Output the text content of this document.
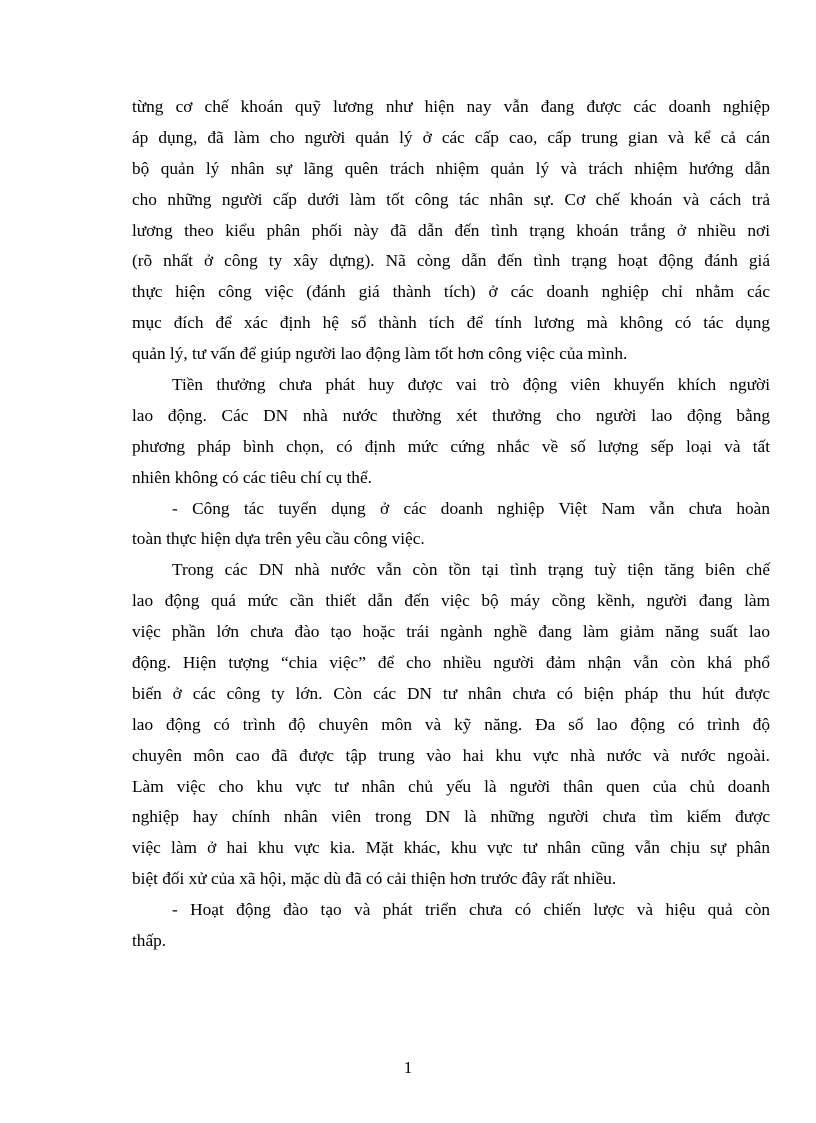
từng cơ chế khoán quỹ lương như hiện nay vẫn đang được các doanh nghiệp
áp dụng, đã làm cho người quản lý ở các cấp cao, cấp trung gian và kể cả cán
bộ quản lý nhân sự lãng quên trách nhiệm quản lý và trách nhiệm hướng dẫn
cho những người cấp dưới làm tốt công tác nhân sự. Cơ chế khoán và cách trả
lương theo kiểu phân phối này đã dẫn đến tình trạng khoán trắng ở nhiều nơi
(rõ nhất ở công ty xây dựng). Nã còng dẫn đến tình trạng hoạt động đánh giá
thực hiện công việc (đánh giá thành tích) ở các doanh nghiệp chỉ nhằm các
mục đích để xác định hệ số thành tích để tính lương mà không có tác dụng
quản lý, tư vấn để giúp người lao động làm tốt hơn công việc của mình.
Tiền thưởng chưa phát huy được vai trò động viên khuyến khích người
lao động. Các DN nhà nước thường xét thưởng cho người lao động bằng
phương pháp bình chọn, có định mức cứng nhắc về số lượng sếp loại và tất
nhiên không có các tiêu chí cụ thể.
- Công tác tuyển dụng ở các doanh nghiệp Việt Nam vẫn chưa hoàn
toàn thực hiện dựa trên yêu cầu công việc.
Trong các DN nhà nước vẫn còn tồn tại tình trạng tuỳ tiện tăng biên chế
lao động quá mức cần thiết dẫn đến việc bộ máy cồng kềnh, người đang làm
việc phần lớn chưa đào tạo hoặc trái ngành nghề đang làm giảm năng suất lao
động. Hiện tượng “chia việc” để cho nhiều người đảm nhận vẫn còn khá phổ
biến ở các công ty lớn. Còn các DN tư nhân chưa có biện pháp thu hút được
lao động có trình độ chuyên môn và kỹ năng. Đa số lao động có trình độ
chuyên môn cao đã được tập trung vào hai khu vực nhà nước và nước ngoài.
Làm việc cho khu vực tư nhân chủ yếu là người thân quen của chủ doanh
nghiệp hay chính nhân viên trong DN là những người chưa tìm kiếm được
việc làm ở hai khu vực kia. Mặt khác, khu vực tư nhân cũng vẫn chịu sự phân
biệt đối xử của xã hội, mặc dù đã có cải thiện hơn trước đây rất nhiều.
- Hoạt động đào tạo và phát triển chưa có chiến lược và hiệu quả còn
thấp.
1
